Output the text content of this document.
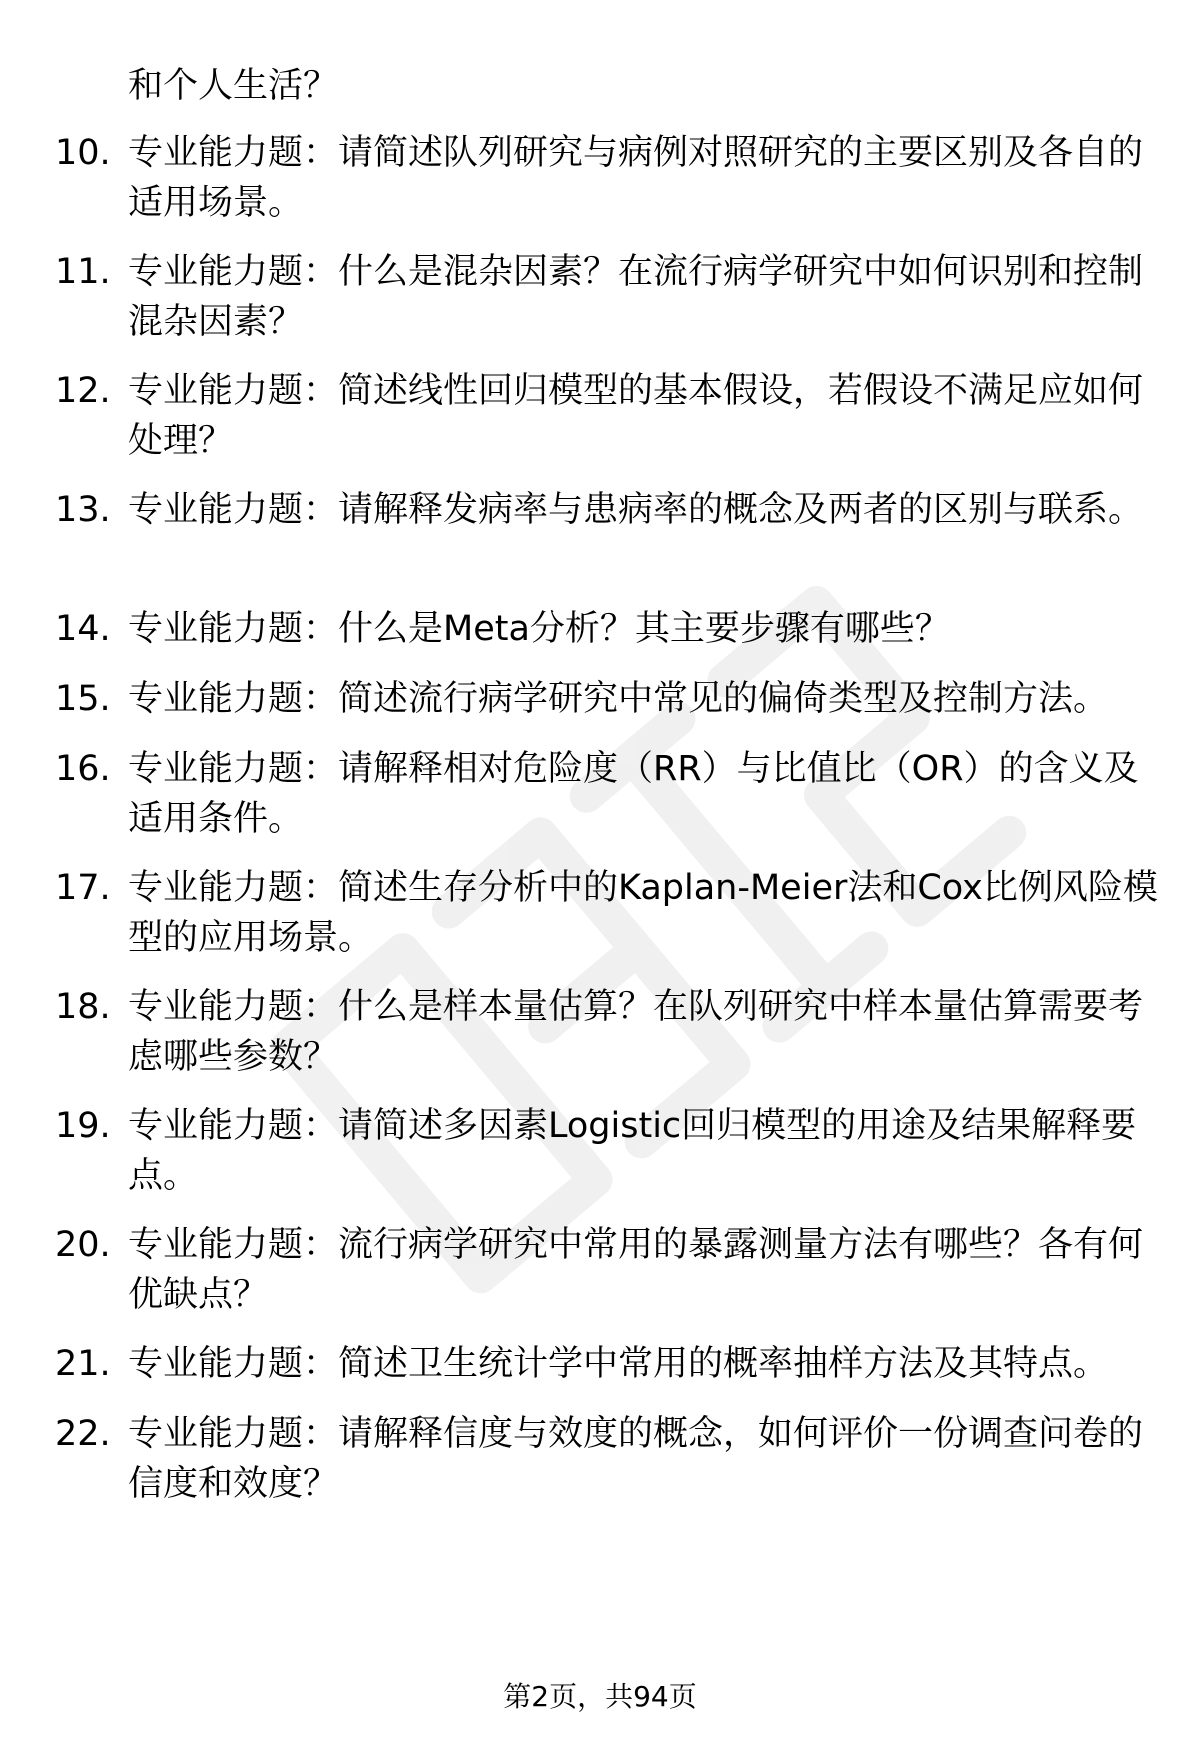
和个人生活？
10. 专业能力题：请简述队列研究与病例对照研究的主要区别及各自的适用场景。
11. 专业能力题：什么是混杂因素？在流行病学研究中如何识别和控制混杂因素？
12. 专业能力题：简述线性回归模型的基本假设，若假设不满足应如何处理？
13. 专业能力题：请解释发病率与患病率的概念及两者的区别与联系。
14. 专业能力题：什么是Meta分析？其主要步骤有哪些？
15. 专业能力题：简述流行病学研究中常见的偏倚类型及控制方法。
16. 专业能力题：请解释相对危险度（RR）与比值比（OR）的含义及适用条件。
17. 专业能力题：简述生存分析中的Kaplan-Meier法和Cox比例风险模型的应用场景。
18. 专业能力题：什么是样本量估算？在队列研究中样本量估算需要考虑哪些参数？
19. 专业能力题：请简述多因素Logistic回归模型的用途及结果解释要点。
20. 专业能力题：流行病学研究中常用的暴露测量方法有哪些？各有何优缺点？
21. 专业能力题：简述卫生统计学中常用的概率抽样方法及其特点。
22. 专业能力题：请解释信度与效度的概念，如何评价一份调查问卷的信度和效度？
第2页，共94页
